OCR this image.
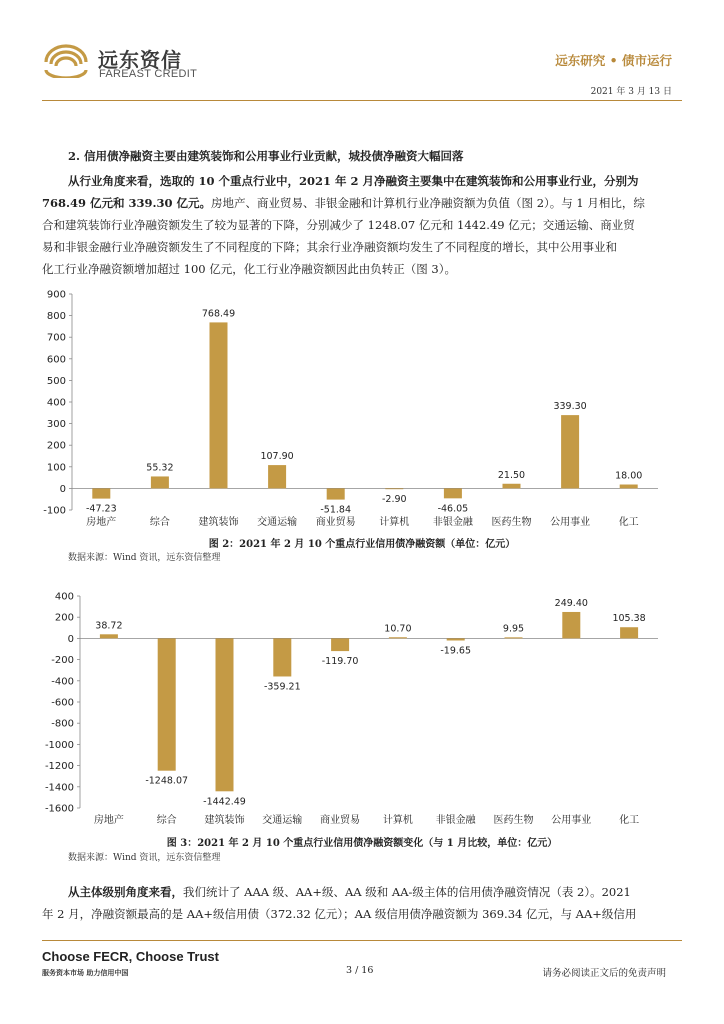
远东资信
FAREAST CREDIT
远东研究 • 债市运行
2021 年 3 月 13 日
2. 信用债净融资主要由建筑装饰和公用事业行业贡献，城投债净融资大幅回落
从行业角度来看，选取的 10 个重点行业中，2021 年 2 月净融资主要集中在建筑装饰和公用事业行业，分别为
768.49 亿元和 339.30 亿元。房地产、商业贸易、非银金融和计算机行业净融资额为负值（图 2）。与 1 月相比，综
合和建筑装饰行业净融资额发生了较为显著的下降，分别减少了 1248.07 亿元和 1442.49 亿元；交通运输、商业贸
易和非银金融行业净融资额发生了不同程度的下降；其余行业净融资额均发生了不同程度的增长，其中公用事业和
化工行业净融资额增加超过 100 亿元，化工行业净融资额因此由负转正（图 3）。
-100
0
100
200
300
400
500
600
700
800
900
-47.23
房地产
55.32
综合
768.49
建筑装饰
107.90
交通运输
-51.84
商业贸易
-2.90
计算机
-46.05
非银金融
21.50
医药生物
339.30
公用事业
18.00
化工
图 2：2021 年 2 月 10 个重点行业信用债净融资额（单位：亿元）
数据来源：Wind 资讯，远东资信整理
-1600
-1400
-1200
-1000
-800
-600
-400
-200
0
200
400
38.72
房地产
-1248.07
综合
-1442.49
建筑装饰
-359.21
交通运输
-119.70
商业贸易
10.70
计算机
-19.65
非银金融
9.95
医药生物
249.40
公用事业
105.38
化工
图 3：2021 年 2 月 10 个重点行业信用债净融资额变化（与 1 月比较，单位：亿元）
数据来源：Wind 资讯，远东资信整理
从主体级别角度来看，我们统计了 AAA 级、AA+级、AA 级和 AA-级主体的信用债净融资情况（表 2）。2021
年 2 月，净融资额最高的是 AA+级信用债（372.32 亿元）；AA 级信用债净融资额为 369.34 亿元，与 AA+级信用
Choose FECR, Choose Trust
服务资本市场 助力信用中国	3 / 16	请务必阅读正文后的免责声明
